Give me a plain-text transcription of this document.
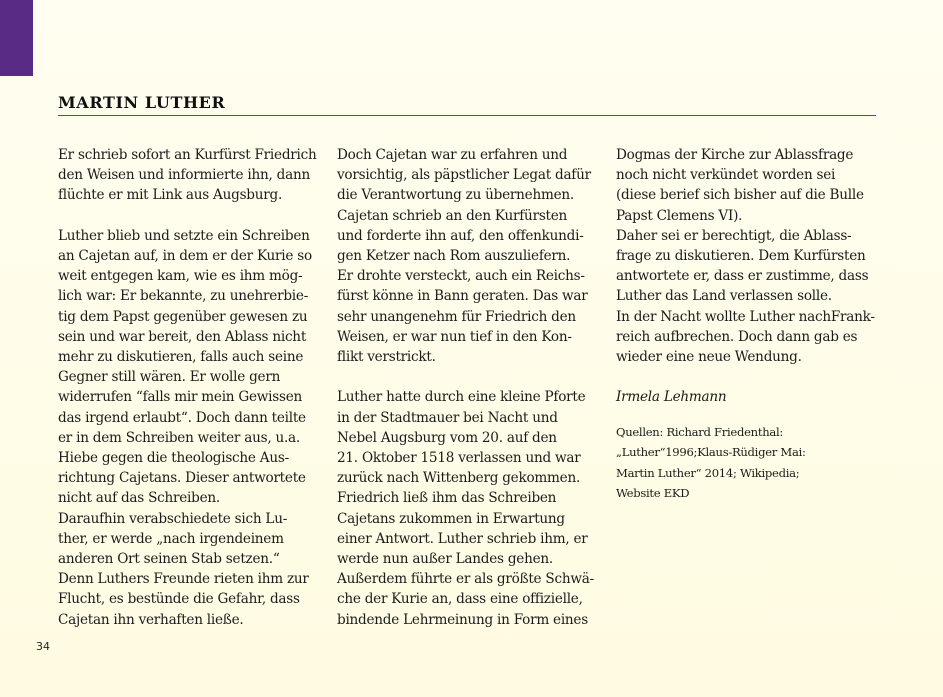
MARTIN LUTHER

Er schrieb sofort an Kurfürst Friedrich
den Weisen und informierte ihn, dann
flüchte er mit Link aus Augsburg.

Luther blieb und setzte ein Schreiben
an Cajetan auf, in dem er der Kurie so
weit entgegen kam, wie es ihm mög-
lich war: Er bekannte, zu unehrerbie-
tig dem Papst gegenüber gewesen zu
sein und war bereit, den Ablass nicht
mehr zu diskutieren, falls auch seine
Gegner still wären. Er wolle gern
widerrufen “falls mir mein Gewissen
das irgend erlaubt“. Doch dann teilte
er in dem Schreiben weiter aus, u.a.
Hiebe gegen die theologische Aus-
richtung Cajetans. Dieser antwortete
nicht auf das Schreiben.
Daraufhin verabschiedete sich Lu-
ther, er werde „nach irgendeinem
anderen Ort seinen Stab setzen.“
Denn Luthers Freunde rieten ihm zur
Flucht, es bestünde die Gefahr, dass
Cajetan ihn verhaften ließe.

Doch Cajetan war zu erfahren und
vorsichtig, als päpstlicher Legat dafür
die Verantwortung zu übernehmen.
Cajetan schrieb an den Kurfürsten
und forderte ihn auf, den offenkundi-
gen Ketzer nach Rom auszuliefern.
Er drohte versteckt, auch ein Reichs-
fürst könne in Bann geraten. Das war
sehr unangenehm für Friedrich den
Weisen, er war nun tief in den Kon-
flikt verstrickt.

Luther hatte durch eine kleine Pforte
in der Stadtmauer bei Nacht und
Nebel Augsburg vom 20. auf den
21. Oktober 1518 verlassen und war
zurück nach Wittenberg gekommen.
Friedrich ließ ihm das Schreiben
Cajetans zukommen in Erwartung
einer Antwort. Luther schrieb ihm, er
werde nun außer Landes gehen.
Außerdem führte er als größte Schwä-
che der Kurie an, dass eine offizielle,
bindende Lehrmeinung in Form eines

Dogmas der Kirche zur Ablassfrage
noch nicht verkündet worden sei
(diese berief sich bisher auf die Bulle
Papst Clemens VI).
Daher sei er berechtigt, die Ablass-
frage zu diskutieren. Dem Kurfürsten
antwortete er, dass er zustimme, dass
Luther das Land verlassen solle.
In der Nacht wollte Luther nachFrank-
reich aufbrechen. Doch dann gab es
wieder eine neue Wendung.

Irmela Lehmann

Quellen: Richard Friedenthal:
„Luther“1996;Klaus-Rüdiger Mai:
Martin Luther“ 2014; Wikipedia;
Website EKD

34
